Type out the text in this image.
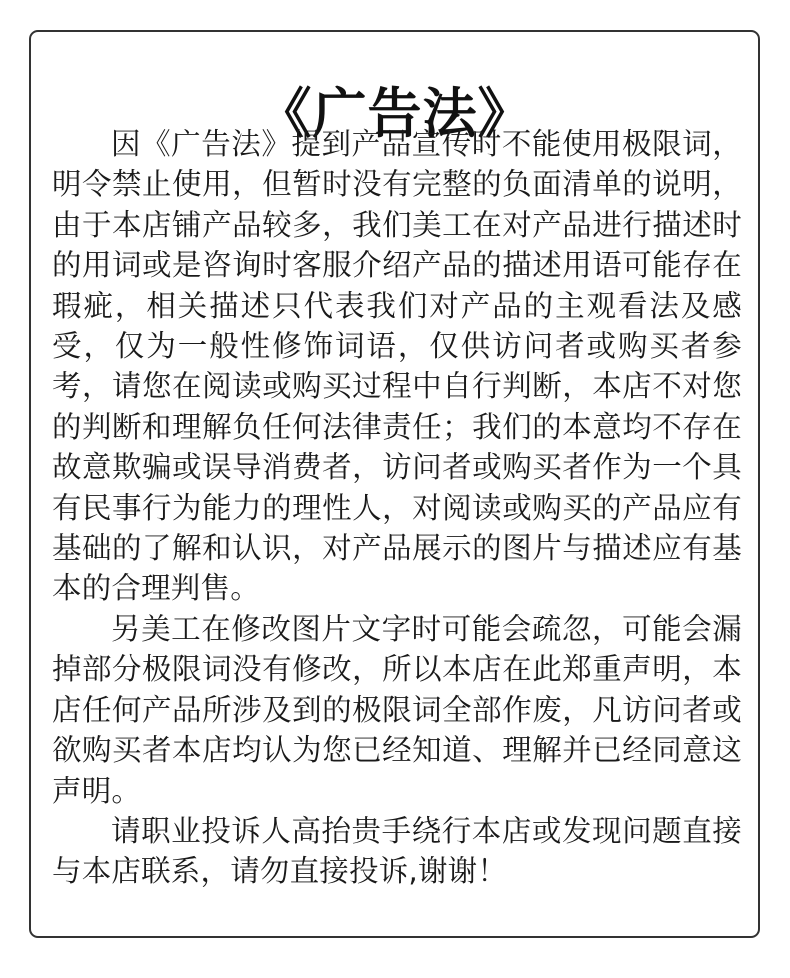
《广告法》

因《广告法》提到产品宣传时不能使用极限词，明令禁止使用，但暂时没有完整的负面清单的说明，由于本店铺产品较多，我们美工在对产品进行描述时的用词或是咨询时客服介绍产品的描述用语可能存在瑕疵，相关描述只代表我们对产品的主观看法及感受，仅为一般性修饰词语，仅供访问者或购买者参考，请您在阅读或购买过程中自行判断，本店不对您的判断和理解负任何法律责任；我们的本意均不存在故意欺骗或误导消费者，访问者或购买者作为一个具有民事行为能力的理性人，对阅读或购买的产品应有基础的了解和认识，对产品展示的图片与描述应有基本的合理判售。

另美工在修改图片文字时可能会疏忽，可能会漏掉部分极限词没有修改，所以本店在此郑重声明，本店任何产品所涉及到的极限词全部作废，凡访问者或欲购买者本店均认为您已经知道、理解并已经同意这声明。

请职业投诉人高抬贵手绕行本店或发现问题直接与本店联系，请勿直接投诉,谢谢！
